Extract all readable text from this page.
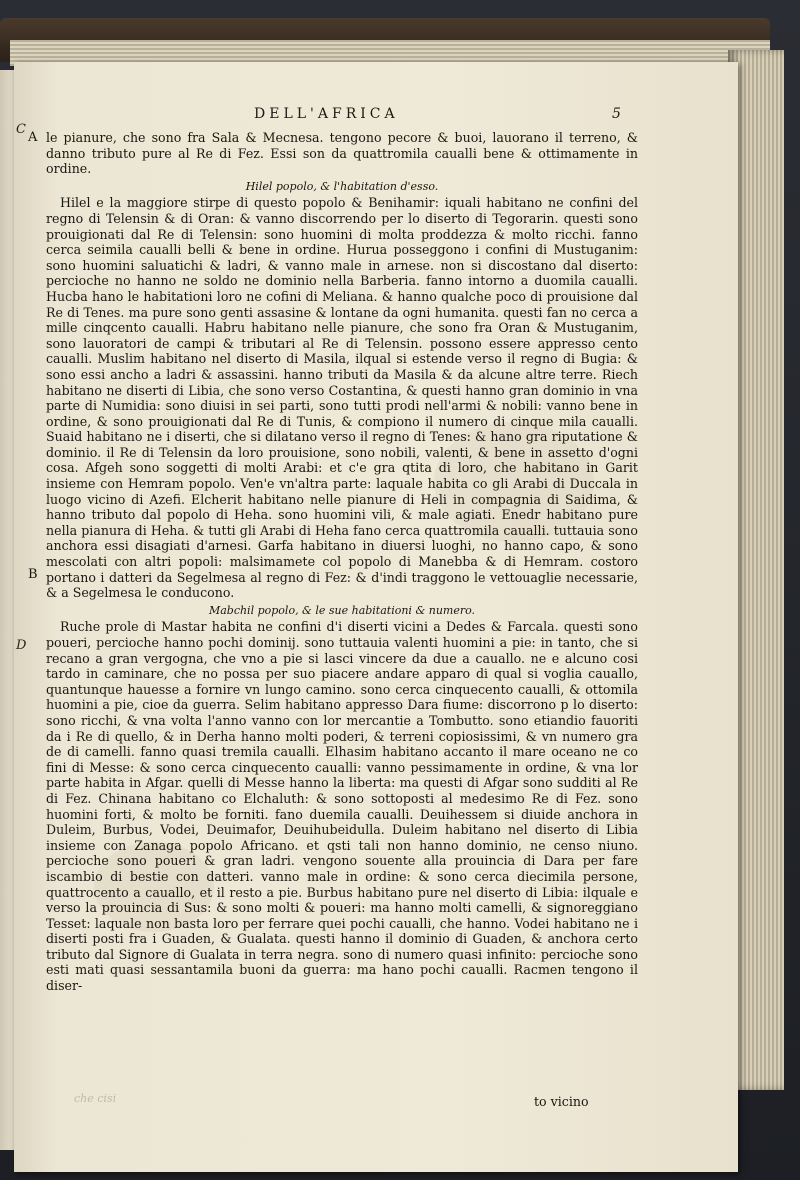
C
D
DELL'AFRICA	5
A
B

le pianure, che sono fra Sala & Mecnesa. tengono pecore & buoi, lauorano il terreno, & danno tributo pure al Re di Fez. Essi son da quattromila caualli bene & ottimamente in ordine.

Hilel popolo, & l'habitation d'esso.

Hilel e la maggiore stirpe di questo popolo & Benihamir: iquali habitano ne confini del regno di Telensin & di Oran: & vanno discorrendo per lo diserto di Tegorarin. questi sono prouigionati dal Re di Telensin: sono huomini di molta proddezza & molto ricchi. fanno cerca seimila caualli belli & bene in ordine. Hurua posseggono i confini di Mustuganim: sono huomini saluatichi & ladri, & vanno male in arnese. non si discostano dal diserto: percioche no hanno ne soldo ne dominio nella Barberia. fanno intorno a duomila caualli. Hucba hano le habitationi loro ne cofini di Meliana. & hanno qualche poco di prouisione dal Re di Tenes. ma pure sono genti assasine & lontane da ogni humanita. questi fan no cerca a mille cinqcento caualli. Habru habitano nelle pianure, che sono fra Oran & Mustuganim, sono lauoratori de campi & tributari al Re di Telensin. possono essere appresso cento caualli. Muslim habitano nel diserto di Masila, ilqual si estende verso il regno di Bugia: & sono essi ancho a ladri & assassini. hanno tributi da Masila & da alcune altre terre. Riech habitano ne diserti di Libia, che sono verso Costantina, & questi hanno gran dominio in vna parte di Numidia: sono diuisi in sei parti, sono tutti prodi nell'armi & nobili: vanno bene in ordine, & sono prouigionati dal Re di Tunis, & compiono il numero di cinque mila caualli. Suaid habitano ne i diserti, che si dilatano verso il regno di Tenes: & hano gra riputatione & dominio. il Re di Telensin da loro prouisione, sono nobili, valenti, & bene in assetto d'ogni cosa. Afgeh sono soggetti di molti Arabi: et c'e gra qtita di loro, che habitano in Garit insieme con Hemram popolo. Ven'e vn'altra parte: laquale habita co gli Arabi di Duccala in luogo vicino di Azefi. Elcherit habitano nelle pianure di Heli in compagnia di Saidima, & hanno tributo dal popolo di Heha. sono huomini vili, & male agiati. Enedr habitano pure nella pianura di Heha. & tutti gli Arabi di Heha fano cerca quattromila caualli. tuttauia sono anchora essi disagiati d'arnesi. Garfa habitano in diuersi luoghi, no hanno capo, & sono mescolati con altri popoli: malsimamete col popolo di Manebba & di Hemram. costoro portano i datteri da Segelmesa al regno di Fez: & d'indi traggono le vettouaglie necessarie, & a Segelmesa le conducono.

Mabchil popolo, & le sue habitationi & numero.

Ruche prole di Mastar habita ne confini d'i diserti vicini a Dedes & Farcala. questi sono poueri, percioche hanno pochi dominij. sono tuttauia valenti huomini a pie: in tanto, che si recano a gran vergogna, che vno a pie si lasci vincere da due a cauallo. ne e alcuno cosi tardo in caminare, che no possa per suo piacere andare apparo di qual si voglia cauallo, quantunque hauesse a fornire vn lungo camino. sono cerca cinquecento caualli, & ottomila huomini a pie, cioe da guerra. Selim habitano appresso Dara fiume: discorrono p lo diserto: sono ricchi, & vna volta l'anno vanno con lor mercantie a Tombutto. sono etiandio fauoriti da i Re di quello, & in Derha hanno molti poderi, & terreni copiosissimi, & vn numero gra de di camelli. fanno quasi tremila caualli. Elhasim habitano accanto il mare oceano ne co fini di Messe: & sono cerca cinquecento caualli: vanno pessimamente in ordine, & vna lor parte habita in Afgar. quelli di Messe hanno la liberta: ma questi di Afgar sono sudditi al Re di Fez. Chinana habitano co Elchaluth: & sono sottoposti al medesimo Re di Fez. sono huomini forti, & molto be forniti. fano duemila caualli. Deuihessem si diuide anchora in Duleim, Burbus, Vodei, Deuimafor, Deuihubeidulla. Duleim habitano nel diserto di Libia insieme con Zanaga popolo Africano. et qsti tali non hanno dominio, ne censo niuno. percioche sono poueri & gran ladri. vengono souente alla prouincia di Dara per fare iscambio di bestie con datteri. vanno male in ordine: & sono cerca diecimila persone, quattrocento a cauallo, et il resto a pie. Burbus habitano pure nel diserto di Libia: ilquale e verso la prouincia di Sus: & sono molti & poueri: ma hanno molti camelli, & signoreggiano Tesset: laquale non basta loro per ferrare quei pochi caualli, che hanno. Vodei habitano ne i diserti posti fra i Guaden, & Gualata. questi hanno il dominio di Guaden, & anchora certo tributo dal Signore di Gualata in terra negra. sono di numero quasi infinito: percioche sono esti mati quasi sessantamila buoni da guerra: ma hano pochi caualli. Racmen tengono il diser-

che cisi	to vicino
